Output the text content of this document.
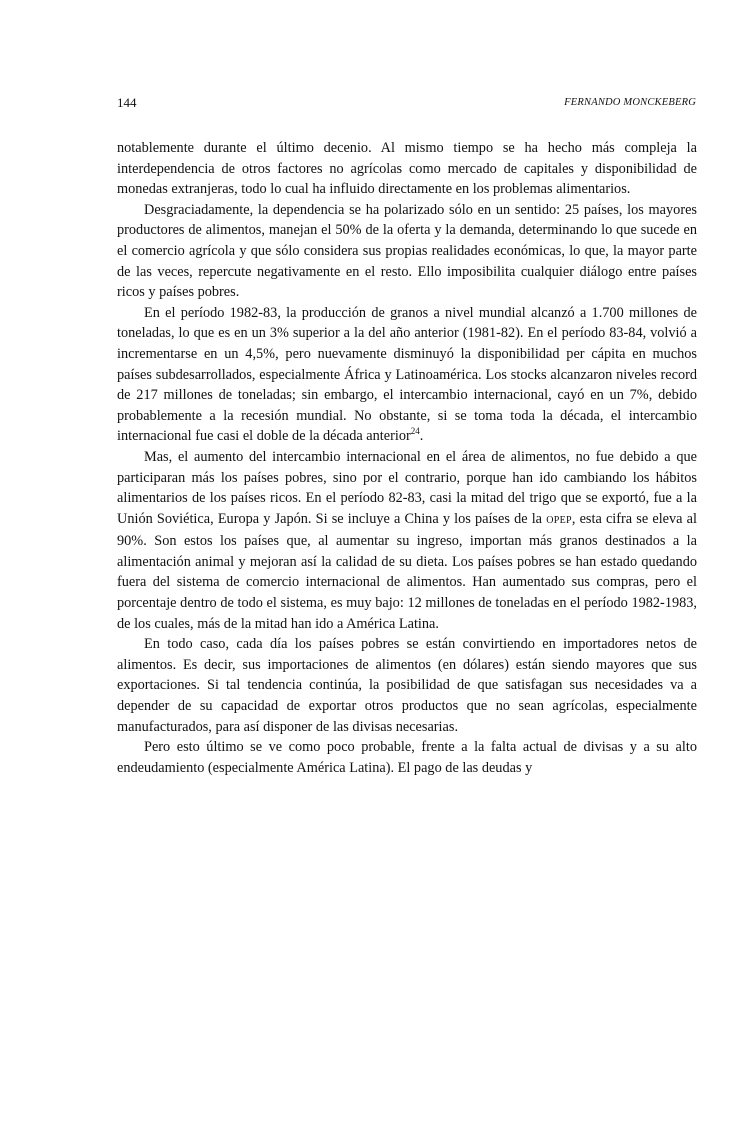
144	FERNANDO MONCKEBERG

notablemente durante el último decenio. Al mismo tiempo se ha hecho más compleja la interdependencia de otros factores no agrícolas como mercado de capitales y disponibilidad de monedas extranjeras, todo lo cual ha influido directamente en los problemas alimentarios.

Desgraciadamente, la dependencia se ha polarizado sólo en un sentido: 25 países, los mayores productores de alimentos, manejan el 50% de la oferta y la demanda, determinando lo que sucede en el comercio agrícola y que sólo considera sus propias realidades económicas, lo que, la mayor parte de las veces, repercute negativamente en el resto. Ello imposibilita cualquier diálogo entre países ricos y países pobres.

En el período 1982-83, la producción de granos a nivel mundial alcanzó a 1.700 millones de toneladas, lo que es en un 3% superior a la del año anterior (1981-82). En el período 83-84, volvió a incrementarse en un 4,5%, pero nuevamente disminuyó la disponibilidad per cápita en muchos países subdesarrollados, especialmente África y Latinoamérica. Los stocks alcanzaron niveles record de 217 millones de toneladas; sin embargo, el intercambio internacional, cayó en un 7%, debido probablemente a la recesión mundial. No obstante, si se toma toda la década, el intercambio internacional fue casi el doble de la década anterior$^{24}$.

Mas, el aumento del intercambio internacional en el área de alimentos, no fue debido a que participaran más los países pobres, sino por el contrario, porque han ido cambiando los hábitos alimentarios de los países ricos. En el período 82-83, casi la mitad del trigo que se exportó, fue a la Unión Soviética, Europa y Japón. Si se incluye a China y los países de la OPEP, esta cifra se eleva al 90%. Son estos los países que, al aumentar su ingreso, importan más granos destinados a la alimentación animal y mejoran así la calidad de su dieta. Los países pobres se han estado quedando fuera del sistema de comercio internacional de alimentos. Han aumentado sus compras, pero el porcentaje dentro de todo el sistema, es muy bajo: 12 millones de toneladas en el período 1982-1983, de los cuales, más de la mitad han ido a América Latina.

En todo caso, cada día los países pobres se están convirtiendo en importadores netos de alimentos. Es decir, sus importaciones de alimentos (en dólares) están siendo mayores que sus exportaciones. Si tal tendencia continúa, la posibilidad de que satisfagan sus necesidades va a depender de su capacidad de exportar otros productos que no sean agrícolas, especialmente manufacturados, para así disponer de las divisas necesarias.

Pero esto último se ve como poco probable, frente a la falta actual de divisas y a su alto endeudamiento (especialmente América Latina). El pago de las deudas y
